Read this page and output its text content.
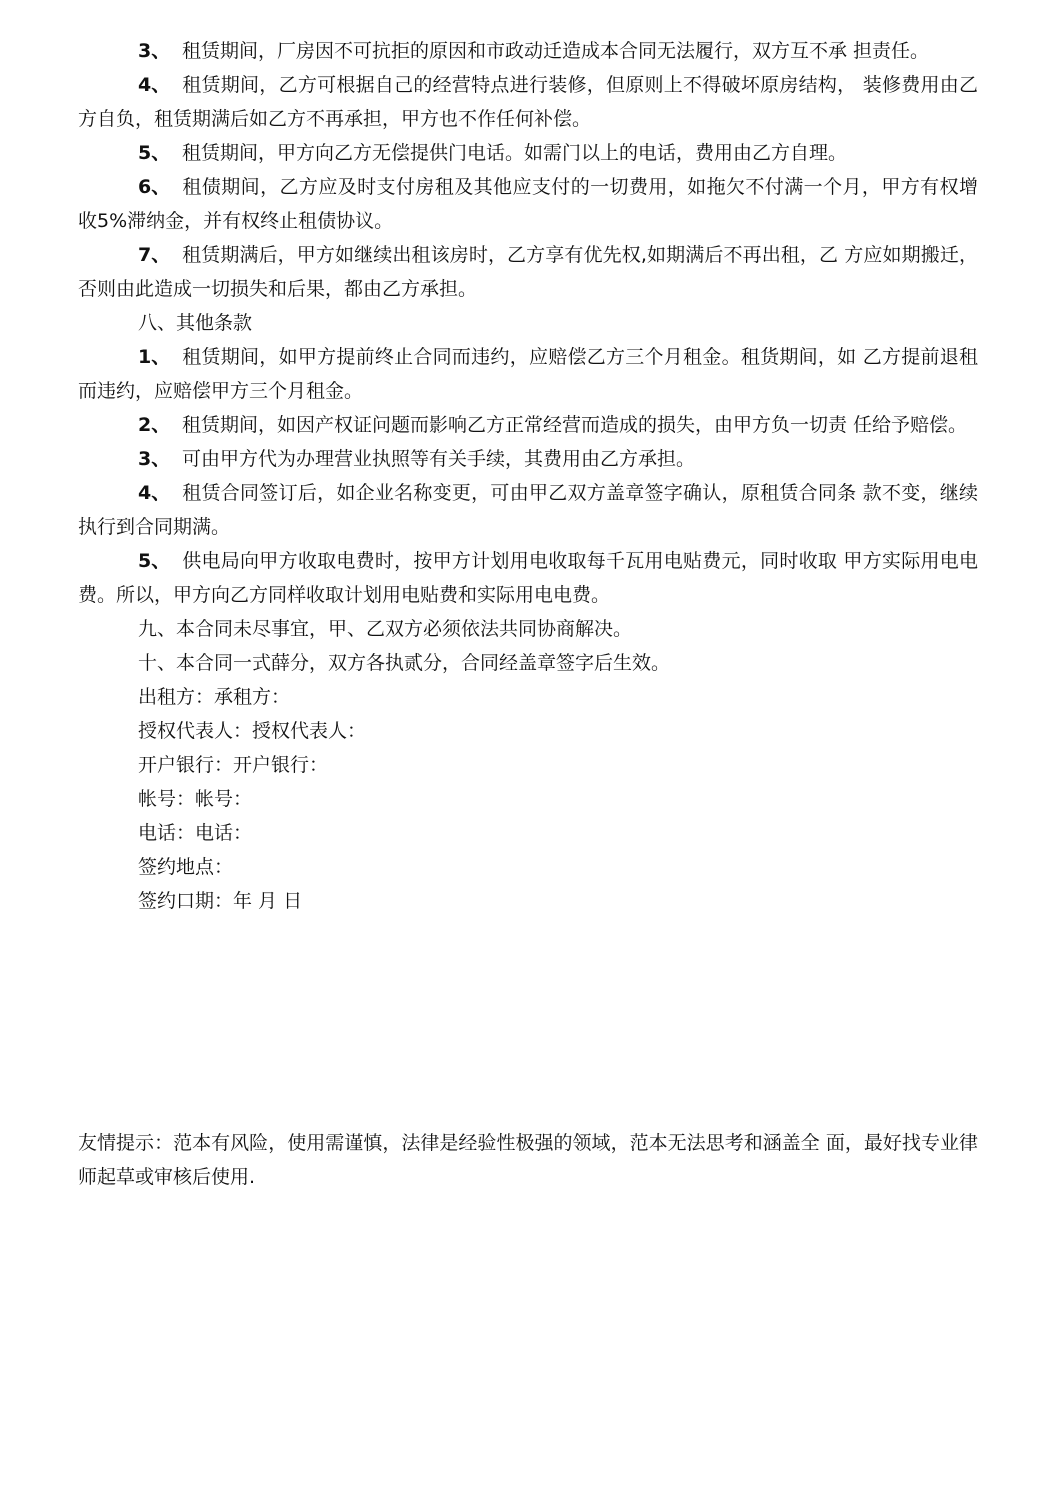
3、 租赁期间，厂房因不可抗拒的原因和市政动迁造成本合同无法履行，双方互不承 担责任。

4、 租赁期间，乙方可根据自己的经营特点进行装修，但原则上不得破坏原房结构， 装修费用由乙方自负，租赁期满后如乙方不再承担，甲方也不作任何补偿。

5、 租赁期间，甲方向乙方无偿提供门电话。如需门以上的电话，费用由乙方自理。

6、 租债期间，乙方应及时支付房租及其他应支付的一切费用，如拖欠不付满一个月，甲方有权增收5%滞纳金，并有权终止租债协议。

7、 租赁期满后，甲方如继续出租该房时，乙方享有优先权,如期满后不再出租，乙 方应如期搬迁，否则由此造成一切损失和后果，都由乙方承担。

八、其他条款

1、 租赁期间，如甲方提前终止合同而违约，应赔偿乙方三个月租金。租货期间，如 乙方提前退租而违约，应赔偿甲方三个月租金。

2、 租赁期间，如因产权证问题而影响乙方正常经营而造成的损失，由甲方负一切责 任给予赔偿。

3、 可由甲方代为办理营业执照等有关手续，其费用由乙方承担。

4、 租赁合同签订后，如企业名称变更，可由甲乙双方盖章签字确认，原租赁合同条 款不变，继续执行到合同期满。

5、 供电局向甲方收取电费时，按甲方计划用电收取每千瓦用电贴费元，同时收取 甲方实际用电电费。所以，甲方向乙方同样收取计划用电贴费和实际用电电费。

九、本合同未尽事宜，甲、乙双方必须依法共同协商解决。

十、本合同一式薛分，双方各执贰分，合同经盖章签字后生效。

出租方：承租方：

授权代表人：授权代表人：

开户银行：开户银行：

帐号：帐号：

电话：电话：

签约地点：

签约口期：年 月 日

友情提示：范本有风险，使用需谨慎，法律是经验性极强的领域，范本无法思考和涵盖全 面，最好找专业律师起草或审核后使用.
